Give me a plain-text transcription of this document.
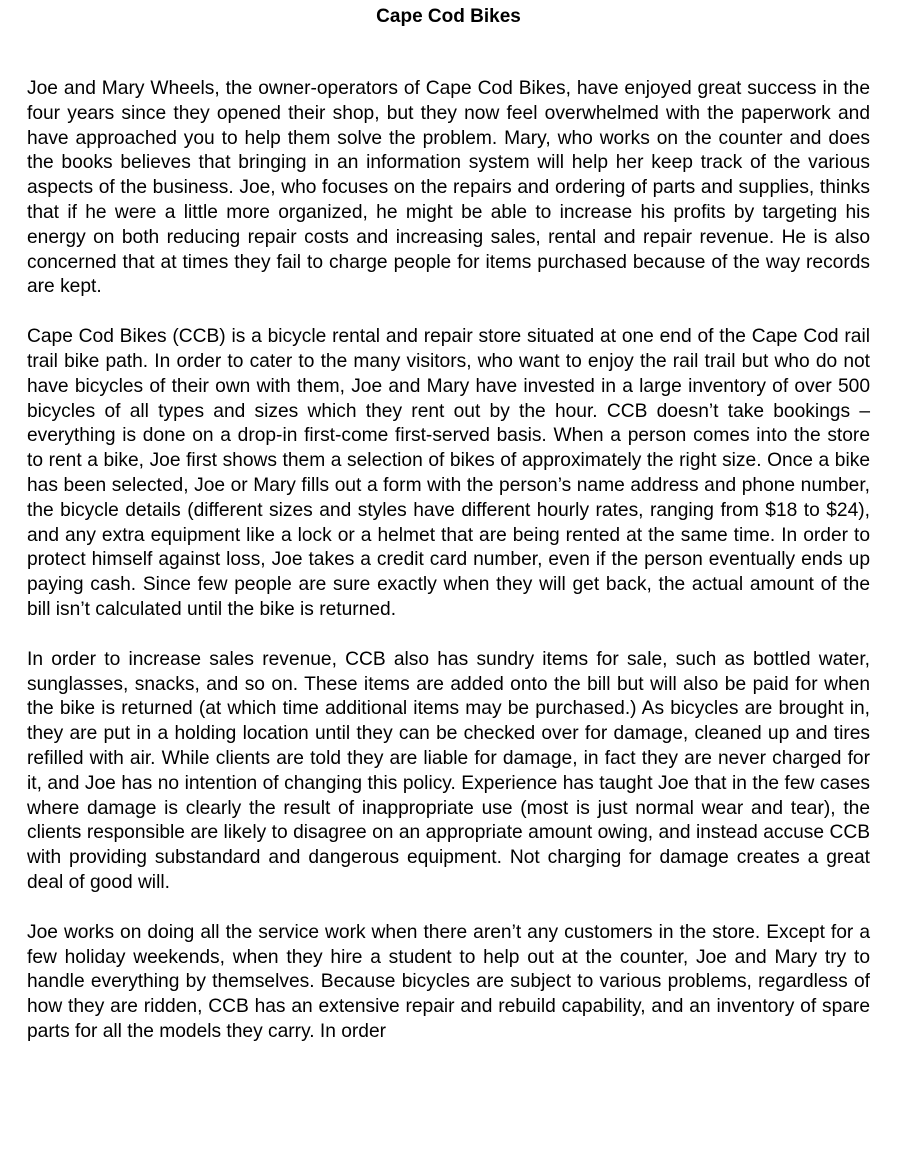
Cape Cod Bikes

Joe and Mary Wheels, the owner-operators of Cape Cod Bikes, have enjoyed great success in the four years since they opened their shop, but they now feel overwhelmed with the paperwork and have approached you to help them solve the problem. Mary, who works on the counter and does the books believes that bringing in an information system will help her keep track of the various aspects of the business. Joe, who focuses on the repairs and ordering of parts and supplies, thinks that if he were a little more organized, he might be able to increase his profits by targeting his energy on both reducing repair costs and increasing sales, rental and repair revenue. He is also concerned that at times they fail to charge people for items purchased because of the way records are kept.

Cape Cod Bikes (CCB) is a bicycle rental and repair store situated at one end of the Cape Cod rail trail bike path. In order to cater to the many visitors, who want to enjoy the rail trail but who do not have bicycles of their own with them, Joe and Mary have invested in a large inventory of over 500 bicycles of all types and sizes which they rent out by the hour. CCB doesn’t take bookings – everything is done on a drop-in first-come first-served basis. When a person comes into the store to rent a bike, Joe first shows them a selection of bikes of approximately the right size. Once a bike has been selected, Joe or Mary fills out a form with the person’s name address and phone number, the bicycle details (different sizes and styles have different hourly rates, ranging from $18 to $24), and any extra equipment like a lock or a helmet that are being rented at the same time. In order to protect himself against loss, Joe takes a credit card number, even if the person eventually ends up paying cash. Since few people are sure exactly when they will get back, the actual amount of the bill isn’t calculated until the bike is returned.

In order to increase sales revenue, CCB also has sundry items for sale, such as bottled water, sunglasses, snacks, and so on. These items are added onto the bill but will also be paid for when the bike is returned (at which time additional items may be purchased.) As bicycles are brought in, they are put in a holding location until they can be checked over for damage, cleaned up and tires refilled with air. While clients are told they are liable for damage, in fact they are never charged for it, and Joe has no intention of changing this policy. Experience has taught Joe that in the few cases where damage is clearly the result of inappropriate use (most is just normal wear and tear), the clients responsible are likely to disagree on an appropriate amount owing, and instead accuse CCB with providing substandard and dangerous equipment. Not charging for damage creates a great deal of good will.

Joe works on doing all the service work when there aren’t any customers in the store. Except for a few holiday weekends, when they hire a student to help out at the counter, Joe and Mary try to handle everything by themselves. Because bicycles are subject to various problems, regardless of how they are ridden, CCB has an extensive repair and rebuild capability, and an inventory of spare parts for all the models they carry. In order
